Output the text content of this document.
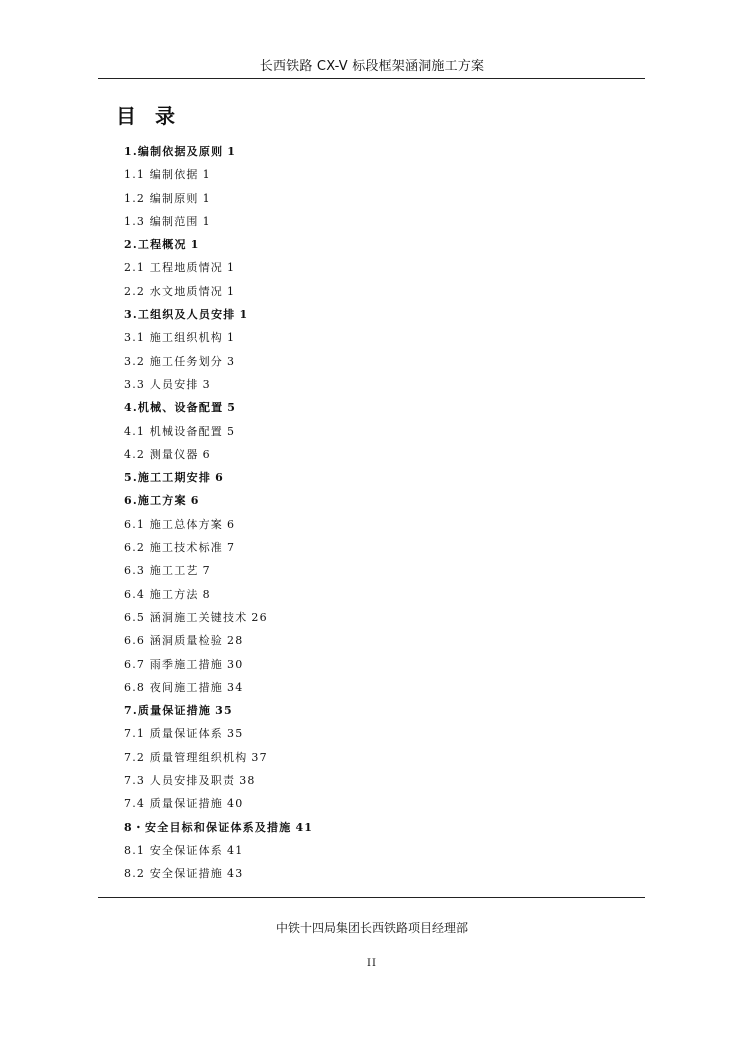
长西铁路 CX-V 标段框架涵洞施工方案
目 录
1.编制依据及原则 1
1.1 编制依据 1
1.2 编制原则 1
1.3 编制范围 1
2.工程概况 1
2.1 工程地质情况 1
2.2 水文地质情况 1
3.工组织及人员安排 1
3.1 施工组织机构 1
3.2 施工任务划分 3
3.3 人员安排 3
4.机械、设备配置 5
4.1 机械设备配置 5
4.2 测量仪器 6
5.施工工期安排 6
6.施工方案 6
6.1 施工总体方案 6
6.2 施工技术标准 7
6.3 施工工艺 7
6.4 施工方法 8
6.5 涵洞施工关键技术 26
6.6 涵洞质量检验 28
6.7 雨季施工措施 30
6.8 夜间施工措施 34
7.质量保证措施 35
7.1 质量保证体系 35
7.2 质量管理组织机构 37
7.3 人员安排及职责 38
7.4 质量保证措施 40
8・安全目标和保证体系及措施 41
8.1 安全保证体系 41
8.2 安全保证措施 43
中铁十四局集团长西铁路项目经理部
II
